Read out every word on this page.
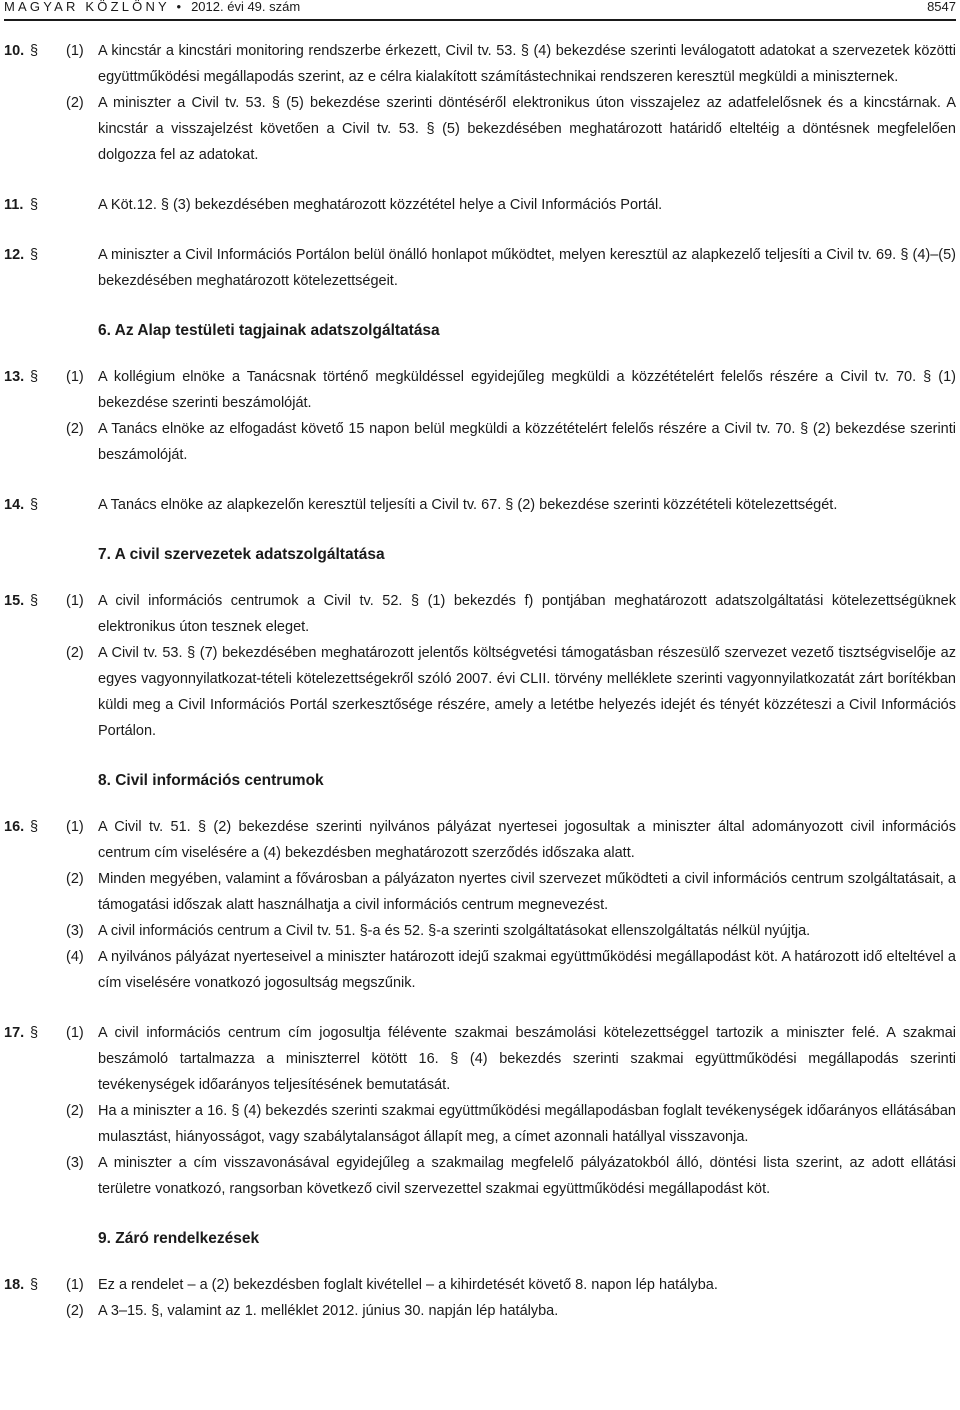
MAGYAR KÖZLÖNY • 2012. évi 49. szám	8547
10. § (1) A kincstár a kincstári monitoring rendszerbe érkezett, Civil tv. 53. § (4) bekezdése szerinti leválogatott adatokat a szervezetek közötti együttműködési megállapodás szerint, az e célra kialakított számítástechnikai rendszeren keresztül megküldi a miniszternek.
(2) A miniszter a Civil tv. 53. § (5) bekezdése szerinti döntéséről elektronikus úton visszajelez az adatfelelősnek és a kincstárnak. A kincstár a visszajelzést követően a Civil tv. 53. § (5) bekezdésében meghatározott határidő elteltéig a döntésnek megfelelően dolgozza fel az adatokat.
11. §	A Köt.12. § (3) bekezdésében meghatározott közzététel helye a Civil Információs Portál.
12. §	A miniszter a Civil Információs Portálon belül önálló honlapot működtet, melyen keresztül az alapkezelő teljesíti a Civil tv. 69. § (4)–(5) bekezdésében meghatározott kötelezettségeit.
6. Az Alap testületi tagjainak adatszolgáltatása
13. § (1) A kollégium elnöke a Tanácsnak történő megküldéssel egyidejűleg megküldi a közzétételért felelős részére a Civil tv. 70. § (1) bekezdése szerinti beszámolóját.
(2) A Tanács elnöke az elfogadást követő 15 napon belül megküldi a közzétételért felelős részére a Civil tv. 70. § (2) bekezdése szerinti beszámolóját.
14. §	A Tanács elnöke az alapkezelőn keresztül teljesíti a Civil tv. 67. § (2) bekezdése szerinti közzétételi kötelezettségét.
7. A civil szervezetek adatszolgáltatása
15. § (1) A civil információs centrumok a Civil tv. 52. § (1) bekezdés f) pontjában meghatározott adatszolgáltatási kötelezettségüknek elektronikus úton tesznek eleget.
(2) A Civil tv. 53. § (7) bekezdésében meghatározott jelentős költségvetési támogatásban részesülő szervezet vezető tisztségviselője az egyes vagyonnyilatkozat-tételi kötelezettségekről szóló 2007. évi CLII. törvény melléklete szerinti vagyonnyilatkozatát zárt borítékban küldi meg a Civil Információs Portál szerkesztősége részére, amely a letétbe helyezés idejét és tényét közzéteszi a Civil Információs Portálon.
8. Civil információs centrumok
16. § (1) A Civil tv. 51. § (2) bekezdése szerinti nyilvános pályázat nyertesei jogosultak a miniszter által adományozott civil információs centrum cím viselésére a (4) bekezdésben meghatározott szerződés időszaka alatt.
(2) Minden megyében, valamint a fővárosban a pályázaton nyertes civil szervezet működteti a civil információs centrum szolgáltatásait, a támogatási időszak alatt használhatja a civil információs centrum megnevezést.
(3) A civil információs centrum a Civil tv. 51. §-a és 52. §-a szerinti szolgáltatásokat ellenszolgáltatás nélkül nyújtja.
(4) A nyilvános pályázat nyerteseivel a miniszter határozott idejű szakmai együttműködési megállapodást köt. A határozott idő elteltével a cím viselésére vonatkozó jogosultság megszűnik.
17. § (1) A civil információs centrum cím jogosultja félévente szakmai beszámolási kötelezettséggel tartozik a miniszter felé. A szakmai beszámoló tartalmazza a miniszterrel kötött 16. § (4) bekezdés szerinti szakmai együttműködési megállapodás szerinti tevékenységek időarányos teljesítésének bemutatását.
(2) Ha a miniszter a 16. § (4) bekezdés szerinti szakmai együttműködési megállapodásban foglalt tevékenységek időarányos ellátásában mulasztást, hiányosságot, vagy szabálytalanságot állapít meg, a címet azonnali hatállyal visszavonja.
(3) A miniszter a cím visszavonásával egyidejűleg a szakmailag megfelelő pályázatokból álló, döntési lista szerint, az adott ellátási területre vonatkozó, rangsorban következő civil szervezettel szakmai együttműködési megállapodást köt.
9. Záró rendelkezések
18. § (1) Ez a rendelet – a (2) bekezdésben foglalt kivétellel – a kihirdetését követő 8. napon lép hatályba.
(2) A 3–15. §, valamint az 1. melléklet 2012. június 30. napján lép hatályba.
